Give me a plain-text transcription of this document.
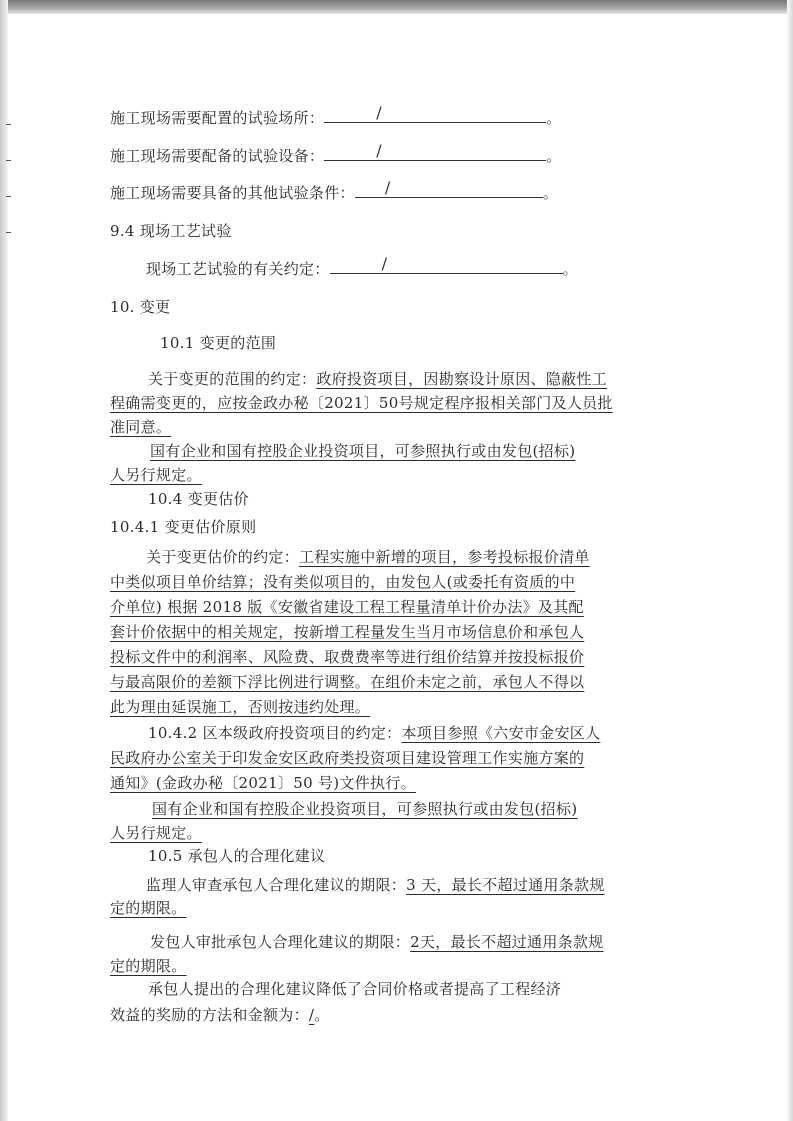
施工现场需要配置的试验场所：	/	。
施工现场需要配备的试验设备：	/	。
施工现场需要具备的其他试验条件： /	。
9.4 现场工艺试验
现场工艺试验的有关约定：	/	。
10. 变更
10.1 变更的范围
关于变更的范围的约定：政府投资项目，因勘察设计原因、隐蔽性工
程确需变更的，应按金政办秘〔2021〕50号规定程序报相关部门及人员批
准同意。
国有企业和国有控股企业投资项目，可参照执行或由发包(招标)
人另行规定。
10.4 变更估价
10.4.1 变更估价原则
关于变更估价的约定：工程实施中新增的项目，参考投标报价清单
中类似项目单价结算；没有类似项目的，由发包人(或委托有资质的中
介单位) 根据 2018 版《安徽省建设工程工程量清单计价办法》及其配
套计价依据中的相关规定，按新增工程量发生当月市场信息价和承包人
投标文件中的利润率、风险费、取费费率等进行组价结算并按投标报价
与最高限价的差额下浮比例进行调整。在组价未定之前，承包人不得以
此为理由延误施工，否则按违约处理。
10.4.2 区本级政府投资项目的约定：本项目参照《六安市金安区人
民政府办公室关于印发金安区政府类投资项目建设管理工作实施方案的
通知》(金政办秘〔2021〕50 号)文件执行。
国有企业和国有控股企业投资项目，可参照执行或由发包(招标)
人另行规定。
10.5 承包人的合理化建议
监理人审查承包人合理化建议的期限：3 天，最长不超过通用条款规
定的期限。
发包人审批承包人合理化建议的期限：2天，最长不超过通用条款规
定的期限。
承包人提出的合理化建议降低了合同价格或者提高了工程经济
效益的奖励的方法和金额为：/。
